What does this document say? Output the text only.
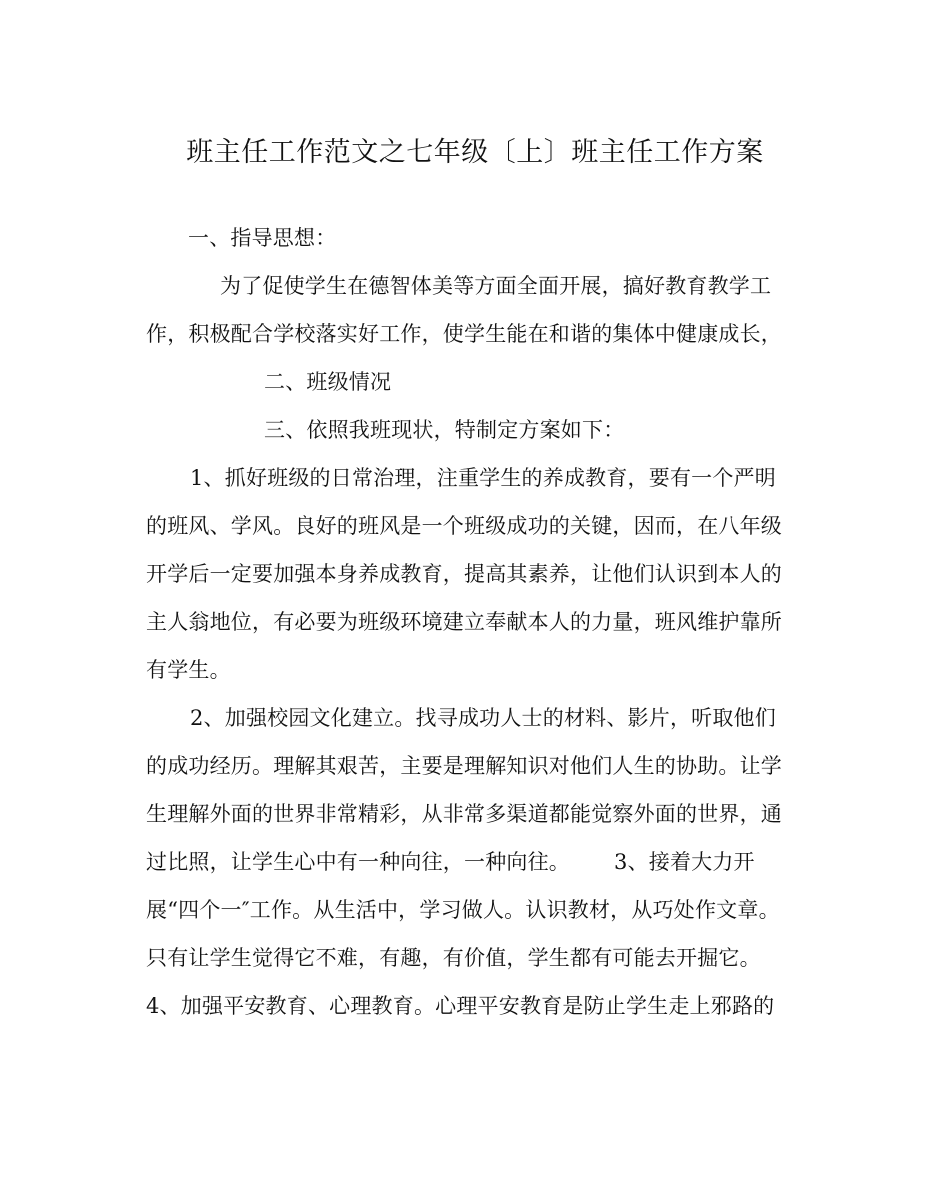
班主任工作范文之七年级〔上〕班主任工作方案
一、指导思想：
为了促使学生在德智体美等方面全面开展，搞好教育教学工
作，积极配合学校落实好工作，使学生能在和谐的集体中健康成长，
二、班级情况
三、依照我班现状，特制定方案如下：
1、抓好班级的日常治理，注重学生的养成教育，要有一个严明
的班风、学风。良好的班风是一个班级成功的关键，因而，在八年级
开学后一定要加强本身养成教育，提高其素养，让他们认识到本人的
主人翁地位，有必要为班级环境建立奉献本人的力量，班风维护靠所
有学生。
2、加强校园文化建立。找寻成功人士的材料、影片，听取他们
的成功经历。理解其艰苦，主要是理解知识对他们人生的协助。让学
生理解外面的世界非常精彩，从非常多渠道都能觉察外面的世界，通
过比照，让学生心中有一种向往，一种向往。 3、接着大力开
展“四个一″工作。从生活中，学习做人。认识教材，从巧处作文章。
只有让学生觉得它不难，有趣，有价值，学生都有可能去开掘它。
4、加强平安教育、心理教育。心理平安教育是防止学生走上邪路的
